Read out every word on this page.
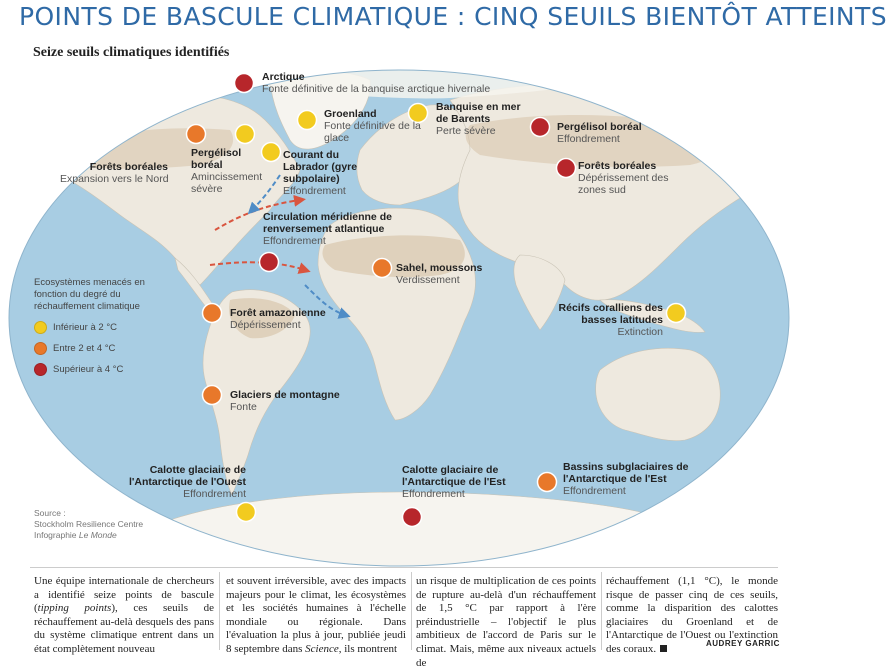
POINTS DE BASCULE CLIMATIQUE : CINQ SEUILS BIENTÔT ATTEINTS
Seize seuils climatiques identifiés
Arctique
Fonte définitive de la banquise arctique hivernale
Groenland
Fonte définitive de la glace
Banquise en mer de Barents
Perte sévère	Pergélisol boréal
Effondrement
Forêts boréales
Expansion vers le Nord
Pergélisol boréal
Amincissement sévère
Courant du Labrador (gyre subpolaire)
Effondrement
Forêts boréales
Dépérissement des zones sud
Circulation méridienne de renversement atlantique
Effondrement
Sahel, moussons
Verdissement
Forêt amazonienne
Dépérissement
Récifs coralliens des basses latitudes
Extinction
Glaciers de montagne
Fonte
Calotte glaciaire de l'Antarctique de l'Ouest
Effondrement
Calotte glaciaire de l'Antarctique de l'Est
Effondrement
Bassins subglaciaires de l'Antarctique de l'Est
Effondrement
Ecosystèmes menacés en fonction du degré du réchauffement climatique
Inférieur à 2 °C
Entre 2 et 4 °C
Supérieur à 4 °C
Source :
Stockholm Resilience Centre
Infographie Le Monde
Une équipe internationale de chercheurs a identifié seize points de bascule (tipping points), ces seuils de réchauffement au-delà desquels des pans du système climatique entrent dans un état complètement nouveau
et souvent irréversible, avec des impacts majeurs pour le climat, les écosystèmes et les sociétés humaines à l'échelle mondiale ou régionale. Dans l'évaluation la plus à jour, publiée jeudi 8 septembre dans Science, ils montrent
un risque de multiplication de ces points de rupture au-delà d'un réchauffement de 1,5 °C par rapport à l'ère préindustrielle – l'objectif le plus ambitieux de l'accord de Paris sur le climat. Mais, même aux niveaux actuels de
réchauffement (1,1 °C), le monde risque de passer cinq de ces seuils, comme la disparition des calottes glaciaires du Groenland et de l'Antarctique de l'Ouest ou l'extinction des coraux.	AUDREY GARRIC
